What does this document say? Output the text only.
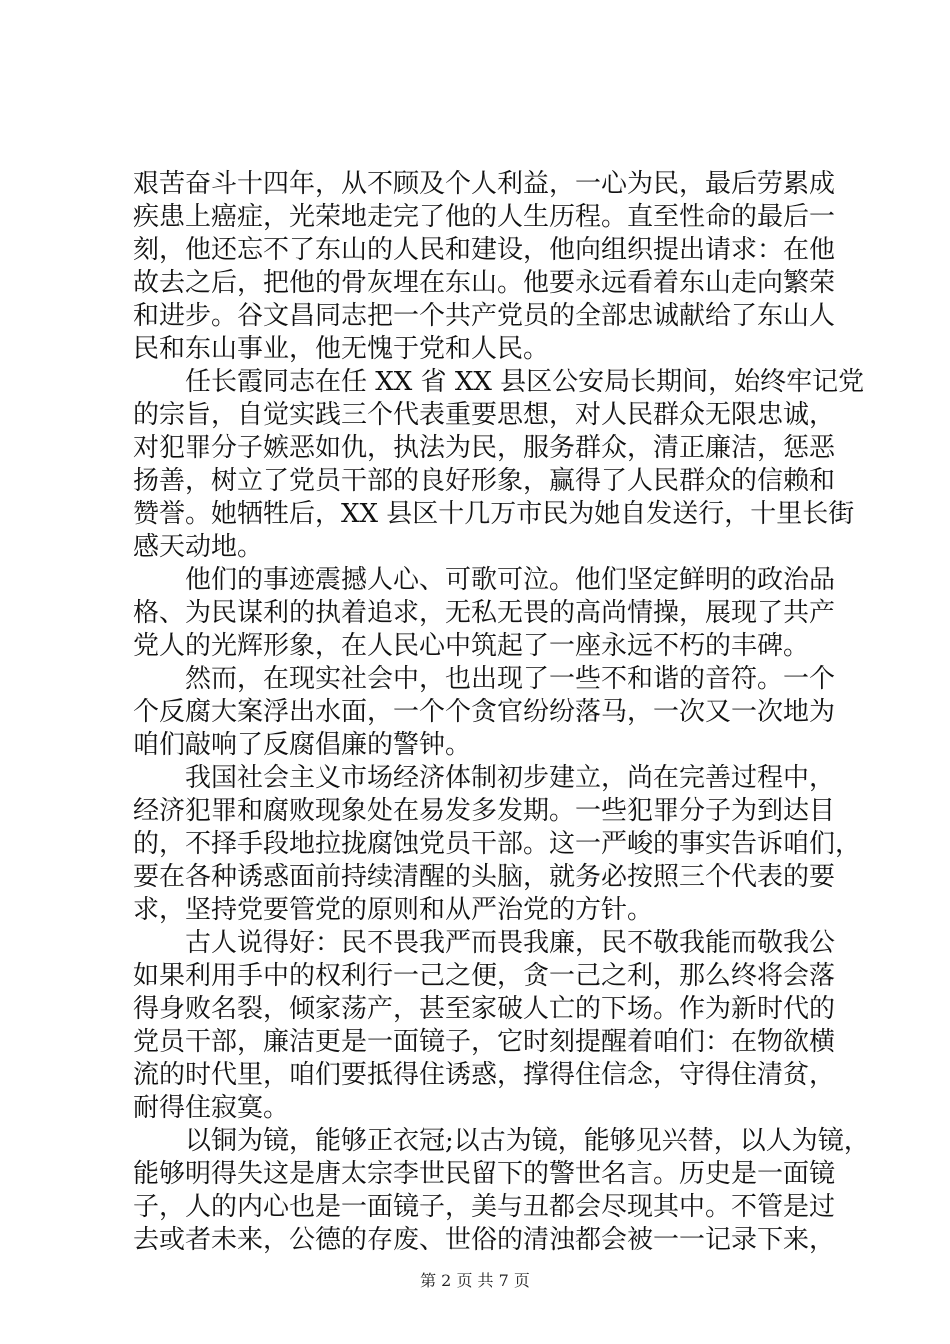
艰苦奋斗十四年，从不顾及个人利益，一心为民，最后劳累成
疾患上癌症，光荣地走完了他的人生历程。直至性命的最后一
刻，他还忘不了东山的人民和建设，他向组织提出请求：在他
故去之后，把他的骨灰埋在东山。他要永远看着东山走向繁荣
和进步。谷文昌同志把一个共产党员的全部忠诚献给了东山人
民和东山事业，他无愧于党和人民。
任长霞同志在任 XX 省 XX 县区公安局长期间，始终牢记党
的宗旨，自觉实践三个代表重要思想，对人民群众无限忠诚，
对犯罪分子嫉恶如仇，执法为民，服务群众，清正廉洁，惩恶
扬善，树立了党员干部的良好形象，赢得了人民群众的信赖和
赞誉。她牺牲后，XX 县区十几万市民为她自发送行，十里长街
感天动地。
他们的事迹震撼人心、可歌可泣。他们坚定鲜明的政治品
格、为民谋利的执着追求，无私无畏的高尚情操，展现了共产
党人的光辉形象，在人民心中筑起了一座永远不朽的丰碑。
然而，在现实社会中，也出现了一些不和谐的音符。一个
个反腐大案浮出水面，一个个贪官纷纷落马，一次又一次地为
咱们敲响了反腐倡廉的警钟。
我国社会主义市场经济体制初步建立，尚在完善过程中，
经济犯罪和腐败现象处在易发多发期。一些犯罪分子为到达目
的，不择手段地拉拢腐蚀党员干部。这一严峻的事实告诉咱们，
要在各种诱惑面前持续清醒的头脑，就务必按照三个代表的要
求，坚持党要管党的原则和从严治党的方针。
古人说得好：民不畏我严而畏我廉，民不敬我能而敬我公
如果利用手中的权利行一己之便，贪一己之利，那么终将会落
得身败名裂，倾家荡产，甚至家破人亡的下场。作为新时代的
党员干部，廉洁更是一面镜子，它时刻提醒着咱们：在物欲横
流的时代里，咱们要抵得住诱惑，撑得住信念，守得住清贫，
耐得住寂寞。
以铜为镜，能够正衣冠;以古为镜，能够见兴替，以人为镜，
能够明得失这是唐太宗李世民留下的警世名言。历史是一面镜
子，人的内心也是一面镜子，美与丑都会尽现其中。不管是过
去或者未来，公德的存废、世俗的清浊都会被一一记录下来，
第 2 页 共 7 页
